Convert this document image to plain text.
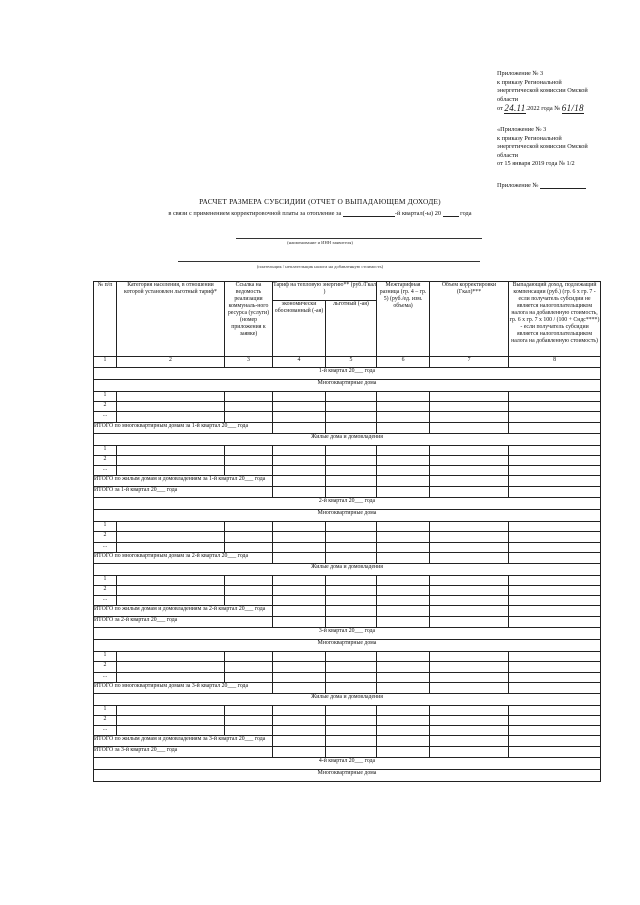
Приложение № 3
к приказу Региональной
энергетической комиссии Омской
области
от 24.11.2022 года № 61/18
«Приложение № 3
к приказу Региональной
энергетической комиссии Омской
области
от 15 января 2019 года № 1/2
Приложение №
РАСЧЕТ РАЗМЕРА СУБСИДИИ (ОТЧЕТ О ВЫПАДАЮЩЕМ ДОХОДЕ)
в связи с применением корректировочной платы за отопление за	-й квартал(-ы) 20	года
(наименование и ИНН заявителя)
(плательщик / неплательщик налога на добавленную стоимость)
№ п/п	Категория населения, в отношении которой установлен льготный тариф*	Ссылка на ведомость реализации коммуналь-ного ресурса (услуги) (номер приложения к заявке)	Тариф на тепловую энергию** (руб./Гкал )		Межтарифная разница (гр. 4 – гр. 5) (руб./ед. изм. объема)	Объем корректировки (Гкал)***	Выпадающий доход, подлежащий компенсации (руб.) (гр. 6 х гр. 7 - если получатель субсидии не является налогоплательщиком налога на добавленную стоимость, гр. 6 х гр. 7 х 100 / (100 + Сндс****) - если получатель субсидии является налогоплательщиком налога на добавленную стоимость)
			экономически обоснованный (-ая)	льготный (-ая)			
1	2	3	4	5	6	7	8
1-й квартал 20___ года							
Многоквартирные дома							
1							
2							
...							
ИТОГО по многоквартирным домам за 1-й квартал 20___ года							
Жилые дома и домовладения							
1							
2							
...							
ИТОГО по жилым домам и домовладениям за 1-й квартал 20___ года							
ИТОГО за 1-й квартал 20___ года							
2-й квартал 20___ года							
Многоквартирные дома							
1							
2							
...							
ИТОГО по многоквартирным домам за 2-й квартал 20___ года							
Жилые дома и домовладения							
1							
2							
...							
ИТОГО по жилым домам и домовладениям за 2-й квартал 20___ года							
ИТОГО за 2-й квартал 20___ года							
3-й квартал 20___ года							
Многоквартирные дома							
1							
2							
...							
ИТОГО по многоквартирным домам за 3-й квартал 20___ года							
Жилые дома и домовладения							
1							
2							
...							
ИТОГО по жилым домам и домовладениям за 3-й квартал 20___ года							
ИТОГО за 3-й квартал 20___ года							
4-й квартал 20___ года							
Многоквартирные дома							
